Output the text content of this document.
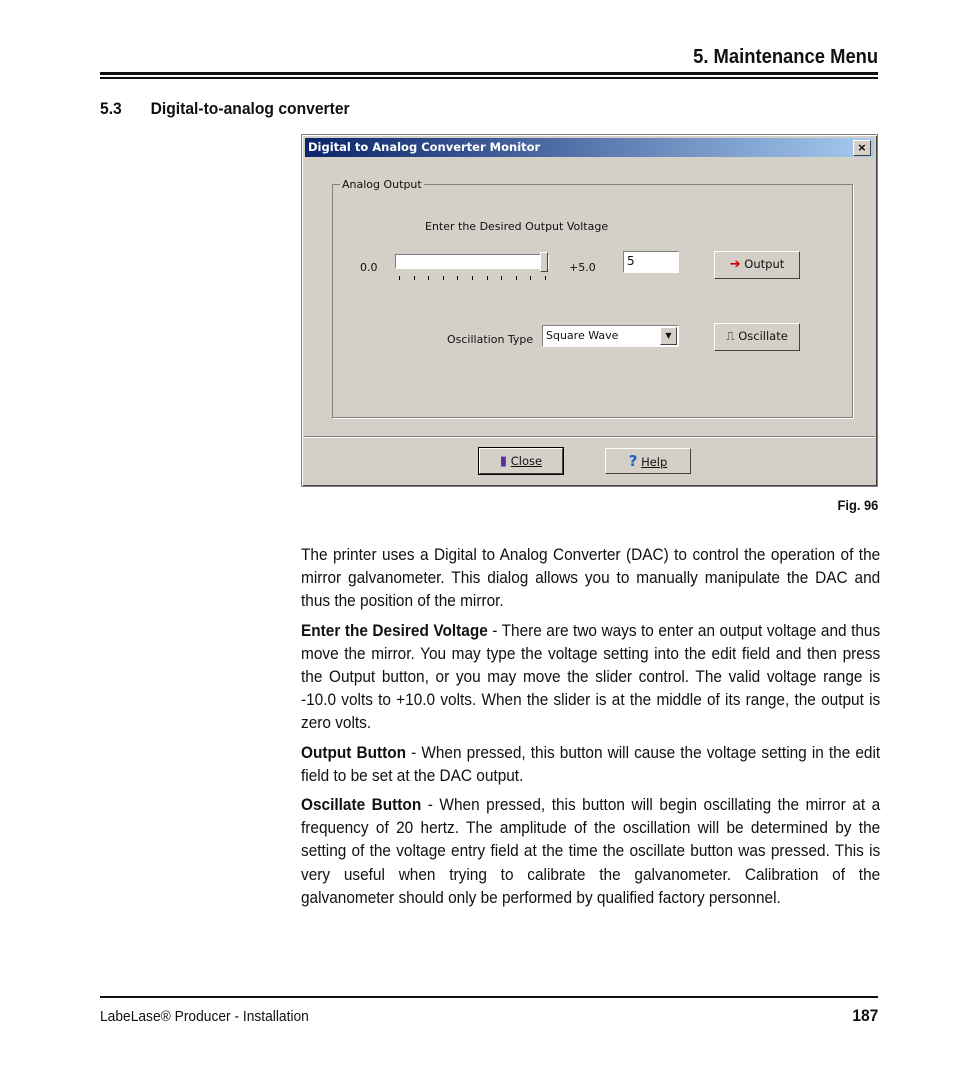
5. Maintenance Menu
5.3 Digital-to-analog converter
Digital to Analog Converter Monitor	×
Analog Output
Enter the Desired Output Voltage
0.0	+5.0	5	➔ Output
Oscillation Type	Square Wave	▼	⎍ Oscillate
▮ Close	? Help
Fig. 96

The printer uses a Digital to Analog Converter (DAC) to control the operation of the mirror galvanometer. This dialog allows you to manually manipulate the DAC and thus the position of the mirror.

Enter the Desired Voltage - There are two ways to enter an output voltage and thus move the mirror. You may type the voltage setting into the edit field and then press the Output button, or you may move the slider control. The valid voltage range is -10.0 volts to +10.0 volts. When the slider is at the middle of its range, the output is zero volts.

Output Button - When pressed, this button will cause the voltage setting in the edit field to be set at the DAC output.

Oscillate Button - When pressed, this button will begin oscillating the mirror at a frequency of 20 hertz. The amplitude of the oscillation will be determined by the setting of the voltage entry field at the time the oscillate button was pressed. This is very useful when trying to calibrate the galvanometer. Calibration of the galvanometer should only be performed by qualified factory personnel.

LabeLase® Producer - Installation	187
